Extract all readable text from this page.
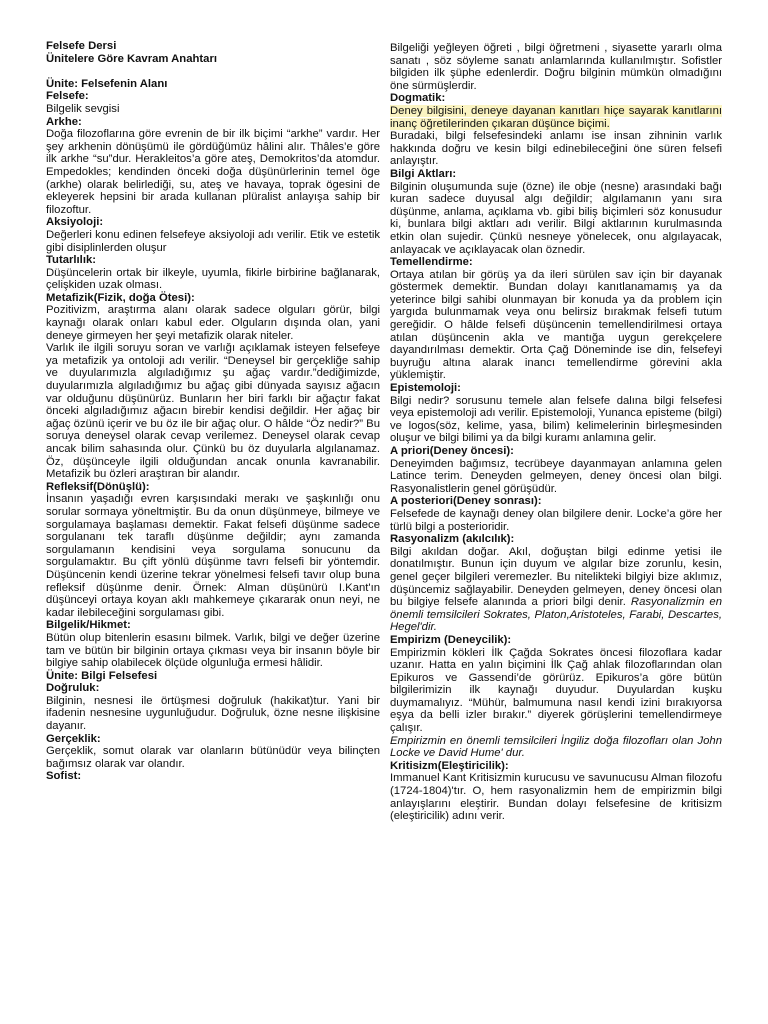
Felsefe Dersi
Ünitelere Göre Kavram Anahtarı
Ünite: Felsefenin Alanı
Felsefe:

Bilgelik sevgisi

Arkhe:

Doğa filozoflarına göre evrenin de bir ilk biçimi “arkhe” vardır. Her şey arkhenin dönüşümü ile gördüğümüz hâlini alır. Thâles’e göre ilk arkhe “su”dur. Herakleitos’a göre ateş, Demokritos’da atomdur. Empedokles; kendinden önceki doğa düşünürlerinin temel öge (arkhe) olarak belirlediği, su, ateş ve havaya, toprak ögesini de ekleyerek hepsini bir arada kullanan plüralist anlayışa sahip bir filozoftur.

Aksiyoloji:

Değerleri konu edinen felsefeye aksiyoloji adı verilir. Etik ve estetik gibi disiplinlerden oluşur

Tutarlılık:

Düşüncelerin ortak bir ilkeyle, uyumla, fikirle birbirine bağlanarak, çelişkiden uzak olması.

Metafizik(Fizik, doğa Ötesi):

Pozitivizm, araştırma alanı olarak sadece olguları görür, bilgi kaynağı olarak onları kabul eder. Olguların dışında olan, yani deneye girmeyen her şeyi metafizik olarak niteler.

Varlık ile ilgili soruyu soran ve varlığı açıklamak isteyen felsefeye ya metafizik ya ontoloji adı verilir. “Deneysel bir gerçekliğe sahip ve duyularımızla algıladığımız şu ağaç vardır.”dediğimizde, duyularımızla algıladığımız bu ağaç gibi dünyada sayısız ağacın var olduğunu düşünürüz. Bunların her biri farklı bir ağaçtır fakat önceki algıladığımız ağacın birebir kendisi değildir. Her ağaç bir ağaç özünü içerir ve bu öz ile bir ağaç olur. O hâlde “Öz nedir?” Bu soruya deneysel olarak cevap verilemez. Deneysel olarak cevap ancak bilim sahasında olur. Çünkü bu öz duyularla algılanamaz. Öz, düşünceyle ilgili olduğundan ancak onunla kavranabilir. Metafizik bu özleri araştıran bir alandır.

Refleksif(Dönüşlü):

İnsanın yaşadığı evren karşısındaki merakı ve şaşkınlığı onu sorular sormaya yöneltmiştir. Bu da onun düşünmeye, bilmeye ve sorgulamaya başlaması demektir. Fakat felsefi düşünme sadece sorgulananı tek taraflı düşünme değildir; aynı zamanda sorgulamanın kendisini veya sorgulama sonucunu da sorgulamaktır. Bu çift yönlü düşünme tavrı felsefi bir yöntemdir. Düşüncenin kendi üzerine tekrar yönelmesi felsefi tavır olup buna refleksif düşünme denir. Örnek: Alman düşünürü I.Kant'ın düşünceyi ortaya koyan aklı mahkemeye çıkararak onun neyi, ne kadar ilebileceğini sorgulaması gibi.

Bilgelik/Hikmet:

Bütün olup bitenlerin esasını bilmek. Varlık, bilgi ve değer üzerine tam ve bütün bir bilginin ortaya çıkması veya bir insanın böyle bir bilgiye sahip olabilecek ölçüde olgunluğa ermesi hâlidir.

Ünite: Bilgi Felsefesi
Doğruluk:

Bilginin, nesnesi ile örtüşmesi doğruluk (hakikat)tur. Yani bir ifadenin nesnesine uygunluğudur. Doğruluk, özne nesne ilişkisine dayanır.

Gerçeklik:

Gerçeklik, somut olarak var olanların bütünüdür veya bilinçten bağımsız olarak var olandır.

Sofist:

Bilgeliği yeğleyen öğreti , bilgi öğretmeni , siyasette yararlı olma sanatı , söz söyleme sanatı anlamlarında kullanılmıştır. Sofistler bilgiden ilk şüphe edenlerdir. Doğru bilginin mümkün olmadığını öne sürmüşlerdir.

Dogmatik:

Deney bilgisini, deneye dayanan kanıtları hiçe sayarak kanıtlarını inanç öğretilerinden çıkaran düşünce biçimi.

Buradaki, bilgi felsefesindeki anlamı ise insan zihninin varlık hakkında doğru ve kesin bilgi edinebileceğini öne süren felsefi anlayıştır.

Bilgi Aktları:

Bilginin oluşumunda suje (özne) ile obje (nesne) arasındaki bağı kuran sadece duyusal algı değildir; algılamanın yanı sıra düşünme, anlama, açıklama vb. gibi biliş biçimleri söz konusudur ki, bunlara bilgi aktları adı verilir. Bilgi aktlarının kurulmasında etkin olan sujedir. Çünkü nesneye yönelecek, onu algılayacak, anlayacak ve açıklayacak olan öznedir.

Temellendirme:

Ortaya atılan bir görüş ya da ileri sürülen sav için bir dayanak göstermek demektir. Bundan dolayı kanıtlanamamış ya da yeterince bilgi sahibi olunmayan bir konuda ya da problem için yargıda bulunmamak veya onu belirsiz bırakmak felsefi tutum gereğidir. O hâlde felsefi düşüncenin temellendirilmesi ortaya atılan düşüncenin akla ve mantığa uygun gerekçelere dayandırılması demektir. Orta Çağ Döneminde ise din, felsefeyi buyruğu altına alarak inancı temellendirme görevini akla yüklemiştir.

Epistemoloji:

Bilgi nedir? sorusunu temele alan felsefe dalına bilgi felsefesi veya epistemoloji adı verilir. Epistemoloji, Yunanca episteme (bilgi) ve logos(söz, kelime, yasa, bilim) kelimelerinin birleşmesinden oluşur ve bilgi bilimi ya da bilgi kuramı anlamına gelir.

A priori(Deney öncesi):

Deneyimden bağımsız, tecrübeye dayanmayan anlamına gelen Latince terim. Deneyden gelmeyen, deney öncesi olan bilgi. Rasyonalistlerin genel görüşüdür.

A posteriori(Deney sonrası):

Felsefede de kaynağı deney olan bilgilere denir. Locke’a göre her türlü bilgi a posterioridir.

Rasyonalizm (akılcılık):

Bilgi akıldan doğar. Akıl, doğuştan bilgi edinme yetisi ile donatılmıştır. Bunun için duyum ve algılar bize zorunlu, kesin, genel geçer bilgileri veremezler. Bu nitelikteki bilgiyi bize aklımız, düşüncemiz sağlayabilir. Deneyden gelmeyen, deney öncesi olan bu bilgiye felsefe alanında a priori bilgi denir. Rasyonalizmin en önemli temsilcileri Sokrates, Platon,Aristoteles, Farabi, Descartes, Hegel'dir.

Empirizm (Deneycilik):

Empirizmin kökleri İlk Çağda Sokrates öncesi filozoflara kadar uzanır. Hatta en yalın biçimini İlk Çağ ahlak filozoflarından olan Epikuros ve Gassendi’de görürüz. Epikuros’a göre bütün bilgilerimizin ilk kaynağı duyudur. Duyulardan kuşku duymamalıyız. “Mühür, balmumuna nasıl kendi izini bırakıyorsa eşya da belli izler bırakır.” diyerek görüşlerini temellendirmeye çalışır.

Empirizmin en önemli temsilcileri İngiliz doğa filozofları olan John Locke ve David Hume' dur.

Kritisizm(Eleştiricilik):

Immanuel Kant Kritisizmin kurucusu ve savunucusu Alman filozofu (1724-1804)'tır. O, hem rasyonalizmin hem de empirizmin bilgi anlayışlarını eleştirir. Bundan dolayı felsefesine de kritisizm (eleştiricilik) adını verir.
